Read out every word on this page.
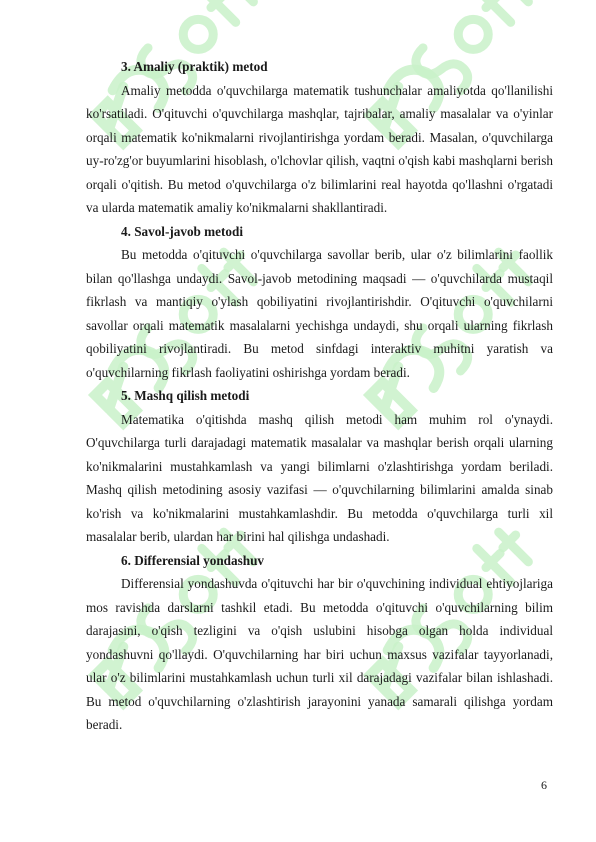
3. Amaliy (praktik) metod

Amaliy metodda o'quvchilarga matematik tushunchalar amaliyotda qo'llanilishi ko'rsatiladi. O'qituvchi o'quvchilarga mashqlar, tajribalar, amaliy masalalar va o'yinlar orqali matematik ko'nikmalarni rivojlantirishga yordam beradi. Masalan, o'quvchilarga uy-ro'zg'or buyumlarini hisoblash, o'lchovlar qilish, vaqtni o'qish kabi mashqlarni berish orqali o'qitish. Bu metod o'quvchilarga o'z bilimlarini real hayotda qo'llashni o'rgatadi va ularda matematik amaliy ko'nikmalarni shakllantiradi.

4. Savol-javob metodi

Bu metodda o'qituvchi o'quvchilarga savollar berib, ular o'z bilimlarini faollik bilan qo'llashga undaydi. Savol-javob metodining maqsadi — o'quvchilarda mustaqil fikrlash va mantiqiy o'ylash qobiliyatini rivojlantirishdir. O'qituvchi o'quvchilarni savollar orqali matematik masalalarni yechishga undaydi, shu orqali ularning fikrlash qobiliyatini rivojlantiradi. Bu metod sinfdagi interaktiv muhitni yaratish va o'quvchilarning fikrlash faoliyatini oshirishga yordam beradi.

5. Mashq qilish metodi

Matematika o'qitishda mashq qilish metodi ham muhim rol o'ynaydi. O'quvchilarga turli darajadagi matematik masalalar va mashqlar berish orqali ularning ko'nikmalarini mustahkamlash va yangi bilimlarni o'zlashtirishga yordam beriladi. Mashq qilish metodining asosiy vazifasi — o'quvchilarning bilimlarini amalda sinab ko'rish va ko'nikmalarini mustahkamlashdir. Bu metodda o'quvchilarga turli xil masalalar berib, ulardan har birini hal qilishga undashadi.

6. Differensial yondashuv

Differensial yondashuvda o'qituvchi har bir o'quvchining individual ehtiyojlariga mos ravishda darslarni tashkil etadi. Bu metodda o'qituvchi o'quvchilarning bilim darajasini, o'qish tezligini va o'qish uslubini hisobga olgan holda individual yondashuvni qo'llaydi. O'quvchilarning har biri uchun maxsus vazifalar tayyorlanadi, ular o'z bilimlarini mustahkamlash uchun turli xil darajadagi vazifalar bilan ishlashadi. Bu metod o'quvchilarning o'zlashtirish jarayonini yanada samarali qilishga yordam beradi.

6
